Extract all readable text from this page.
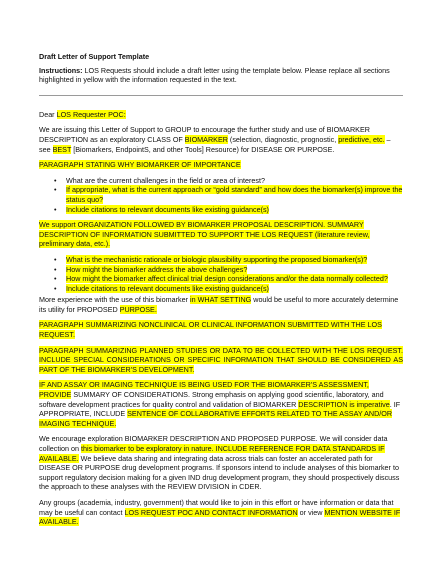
Draft Letter of Support Template

Instructions: LOS Requests should include a draft letter using the template below. Please replace all sections highlighted in yellow with the information requested in the text.

Dear LOS Requester POC:

We are issuing this Letter of Support to GROUP to encourage the further study and use of BIOMARKER DESCRIPTION as an exploratory CLASS OF BIOMARKER (selection, diagnostic, prognostic, predictive, etc. – see BEST [Biomarkers, EndpointS, and other Tools] Resource) for DISEASE OR PURPOSE.

PARAGRAPH STATING WHY BIOMARKER OF IMPORTANCE

• What are the current challenges in the field or area of interest?
• If appropriate, what is the current approach or “gold standard” and how does the biomarker(s) improve the status quo?
• Include citations to relevant documents like existing guidance(s)

We support ORGANIZATION FOLLOWED BY BIOMARKER PROPOSAL DESCRIPTION. SUMMARY DESCRIPTION OF INFORMATION SUBMITTED TO SUPPORT THE LOS REQUEST (literature review, preliminary data, etc.).

• What is the mechanistic rationale or biologic plausibility supporting the proposed biomarker(s)?
• How might the biomarker address the above challenges?
• How might the biomarker affect clinical trial design considerations and/or the data normally collected?
• Include citations to relevant documents like existing guidance(s)

More experience with the use of this biomarker in WHAT SETTING would be useful to more accurately determine its utility for PROPOSED PURPOSE.

PARAGRAPH SUMMARIZING NONCLINICAL OR CLINICAL INFORMATION SUBMITTED WITH THE LOS REQUEST.

PARAGRAPH SUMMARIZING PLANNED STUDIES OR DATA TO BE COLLECTED WITH THE LOS REQUEST. INCLUDE SPECIAL CONSIDERATIONS OR SPECIFIC INFORMATION THAT SHOULD BE CONSIDERED AS PART OF THE BIOMARKER'S DEVELOPMENT.

IF AND ASSAY OR IMAGING TECHNIQUE IS BEING USED FOR THE BIOMARKER'S ASSESSMENT, PROVIDE SUMMARY OF CONSIDERATIONS. Strong emphasis on applying good scientific, laboratory, and software development practices for quality control and validation of BIOMARKER DESCRIPTION is imperative. IF APPROPRIATE, INCLUDE SENTENCE OF COLLABORATIVE EFFORTS RELATED TO THE ASSAY AND/OR IMAGING TECHNIQUE.

We encourage exploration BIOMARKER DESCRIPTION AND PROPOSED PURPOSE. We will consider data collection on this biomarker to be exploratory in nature. INCLUDE REFERENCE FOR DATA STANDARDS IF AVAILABLE. We believe data sharing and integrating data across trials can foster an accelerated path for DISEASE OR PURPOSE drug development programs. If sponsors intend to include analyses of this biomarker to support regulatory decision making for a given IND drug development program, they should prospectively discuss the approach to these analyses with the REVIEW DIVISION in CDER.

Any groups (academia, industry, government) that would like to join in this effort or have information or data that may be useful can contact LOS REQUEST POC AND CONTACT INFORMATION or view MENTION WEBSITE IF AVAILABLE.
